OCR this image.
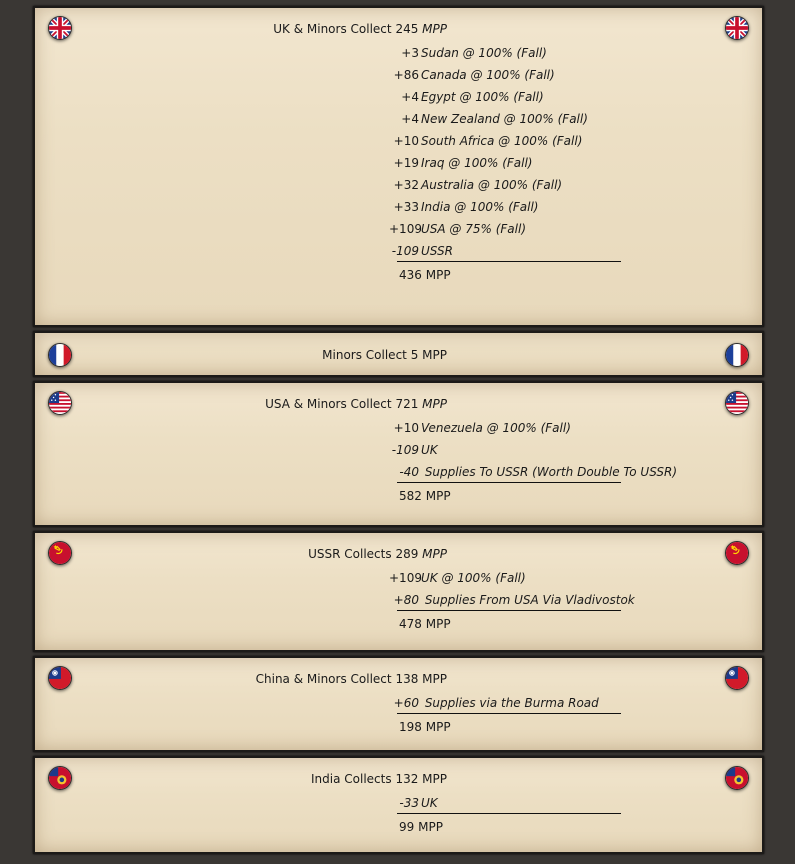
UK & Minors Collect 245 MPP
+3 Sudan @ 100% (Fall)
+86 Canada @ 100% (Fall)
+4 Egypt @ 100% (Fall)
+4 New Zealand @ 100% (Fall)
+10 South Africa @ 100% (Fall)
+19 Iraq @ 100% (Fall)
+32 Australia @ 100% (Fall)
+33 India @ 100% (Fall)
+109USA @ 75% (Fall)
-109 USSR
436 MPP
Minors Collect 5 MPP
USA & Minors Collect 721 MPP
+10 Venezuela @ 100% (Fall)
-109 UK
-40 Supplies To USSR (Worth Double To USSR)
582 MPP
USSR Collects 289 MPP
+109UK @ 100% (Fall)
+80 Supplies From USA Via Vladivostok
478 MPP
China & Minors Collect 138 MPP
+60 Supplies via the Burma Road
198 MPP
India Collects 132 MPP
-33 UK
99 MPP
